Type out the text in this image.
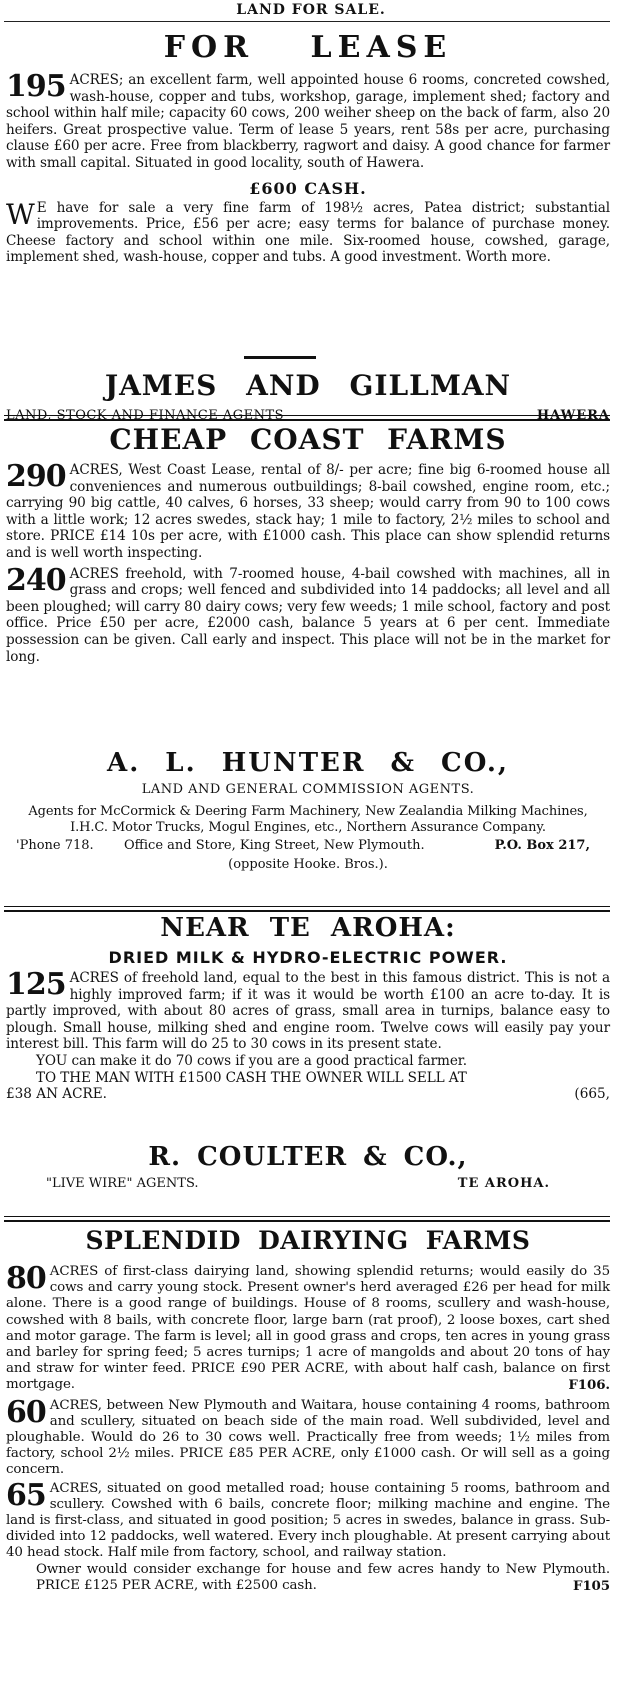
LAND FOR SALE.
FOR LEASE

195 ACRES; an excellent farm, well appointed house 6 rooms, concreted cowshed, wash-house, copper and tubs, workshop, garage, implement shed; factory and school within half mile; capacity 60 cows, 200 weiher sheep on the back of farm, also 20 heifers. Great prospective value. Term of lease 5 years, rent 58s per acre, purchasing clause £60 per acre. Free from blackberry, ragwort and daisy. A good chance for farmer with small capital. Situated in good locality, south of Hawera.

£600 CASH.

W E have for sale a very fine farm of 198½ acres, Patea district; substantial improvements. Price, £56 per acre; easy terms for balance of purchase money. Cheese factory and school within one mile. Six-roomed house, cowshed, garage, implement shed, wash-house, copper and tubs. A good investment. Worth more.

JAMES AND GILLMAN
LAND, STOCK AND FINANCE AGENTS	HAWERA
CHEAP COAST FARMS

290 ACRES, West Coast Lease, rental of 8/- per acre; fine big 6-roomed house all conveniences and numerous outbuildings; 8-bail cowshed, engine room, etc.; carrying 90 big cattle, 40 calves, 6 horses, 33 sheep; would carry from 90 to 100 cows with a little work; 12 acres swedes, stack hay; 1 mile to factory, 2½ miles to school and store. PRICE £14 10s per acre, with £1000 cash. This place can show splendid returns and is well worth inspecting.

240 ACRES freehold, with 7-roomed house, 4-bail cowshed with machines, all in grass and crops; well fenced and subdivided into 14 paddocks; all level and all been ploughed; will carry 80 dairy cows; very few weeds; 1 mile school, factory and post office. Price £50 per acre, £2000 cash, balance 5 years at 6 per cent. Immediate possession can be given. Call early and inspect. This place will not be in the market for long.

A. L. HUNTER & CO.,
LAND AND GENERAL COMMISSION AGENTS.

Agents for McCormick & Deering Farm Machinery, New Zealandia Milking Machines, I.H.C. Motor Trucks, Mogul Engines, etc., Northern Assurance Company.

'Phone 718. Office and Store, King Street, New Plymouth.	P.O. Box 217,
(opposite Hooke. Bros.).
NEAR TE AROHA:
DRIED MILK & HYDRO-ELECTRIC POWER.

125 ACRES of freehold land, equal to the best in this famous district. This is not a highly improved farm; if it was it would be worth £100 an acre to-day. It is partly improved, with about 80 acres of grass, small area in turnips, balance easy to plough. Small house, milking shed and engine room. Twelve cows will easily pay your interest bill. This farm will do 25 to 30 cows in its present state.

YOU can make it do 70 cows if you are a good practical farmer.

TO THE MAN WITH £1500 CASH THE OWNER WILL SELL AT

£38 AN ACRE.	(665,
R. COULTER & CO.,
"LIVE WIRE" AGENTS.	TE AROHA.
SPLENDID DAIRYING FARMS

80 ACRES of first-class dairying land, showing splendid returns; would easily do 35 cows and carry young stock. Present owner's herd averaged £26 per head for milk alone. There is a good range of buildings. House of 8 rooms, scullery and wash-house, cowshed with 8 bails, with concrete floor, large barn (rat proof), 2 loose boxes, cart shed and motor garage. The farm is level; all in good grass and crops, ten acres in young grass and barley for spring feed; 5 acres turnips; 1 acre of mangolds and about 20 tons of hay and straw for winter feed. PRICE £90 PER ACRE, with about half cash, balance on first mortgage.	F106.

60 ACRES, between New Plymouth and Waitara, house containing 4 rooms, bathroom and scullery, situated on beach side of the main road. Well subdivided, level and ploughable. Would do 26 to 30 cows well. Practically free from weeds; 1½ miles from factory, school 2½ miles. PRICE £85 PER ACRE, only £1000 cash. Or will sell as a going concern.

65 ACRES, situated on good metalled road; house containing 5 rooms, bathroom and scullery. Cowshed with 6 bails, concrete floor; milking machine and engine. The land is first-class, and situated in good position; 5 acres in swedes, balance in grass. Sub-divided into 12 paddocks, well watered. Every inch ploughable. At present carrying about 40 head stock. Half mile from factory, school, and railway station.

Owner would consider exchange for house and few acres handy to New Plymouth. PRICE £125 PER ACRE, with £2500 cash.	F105
